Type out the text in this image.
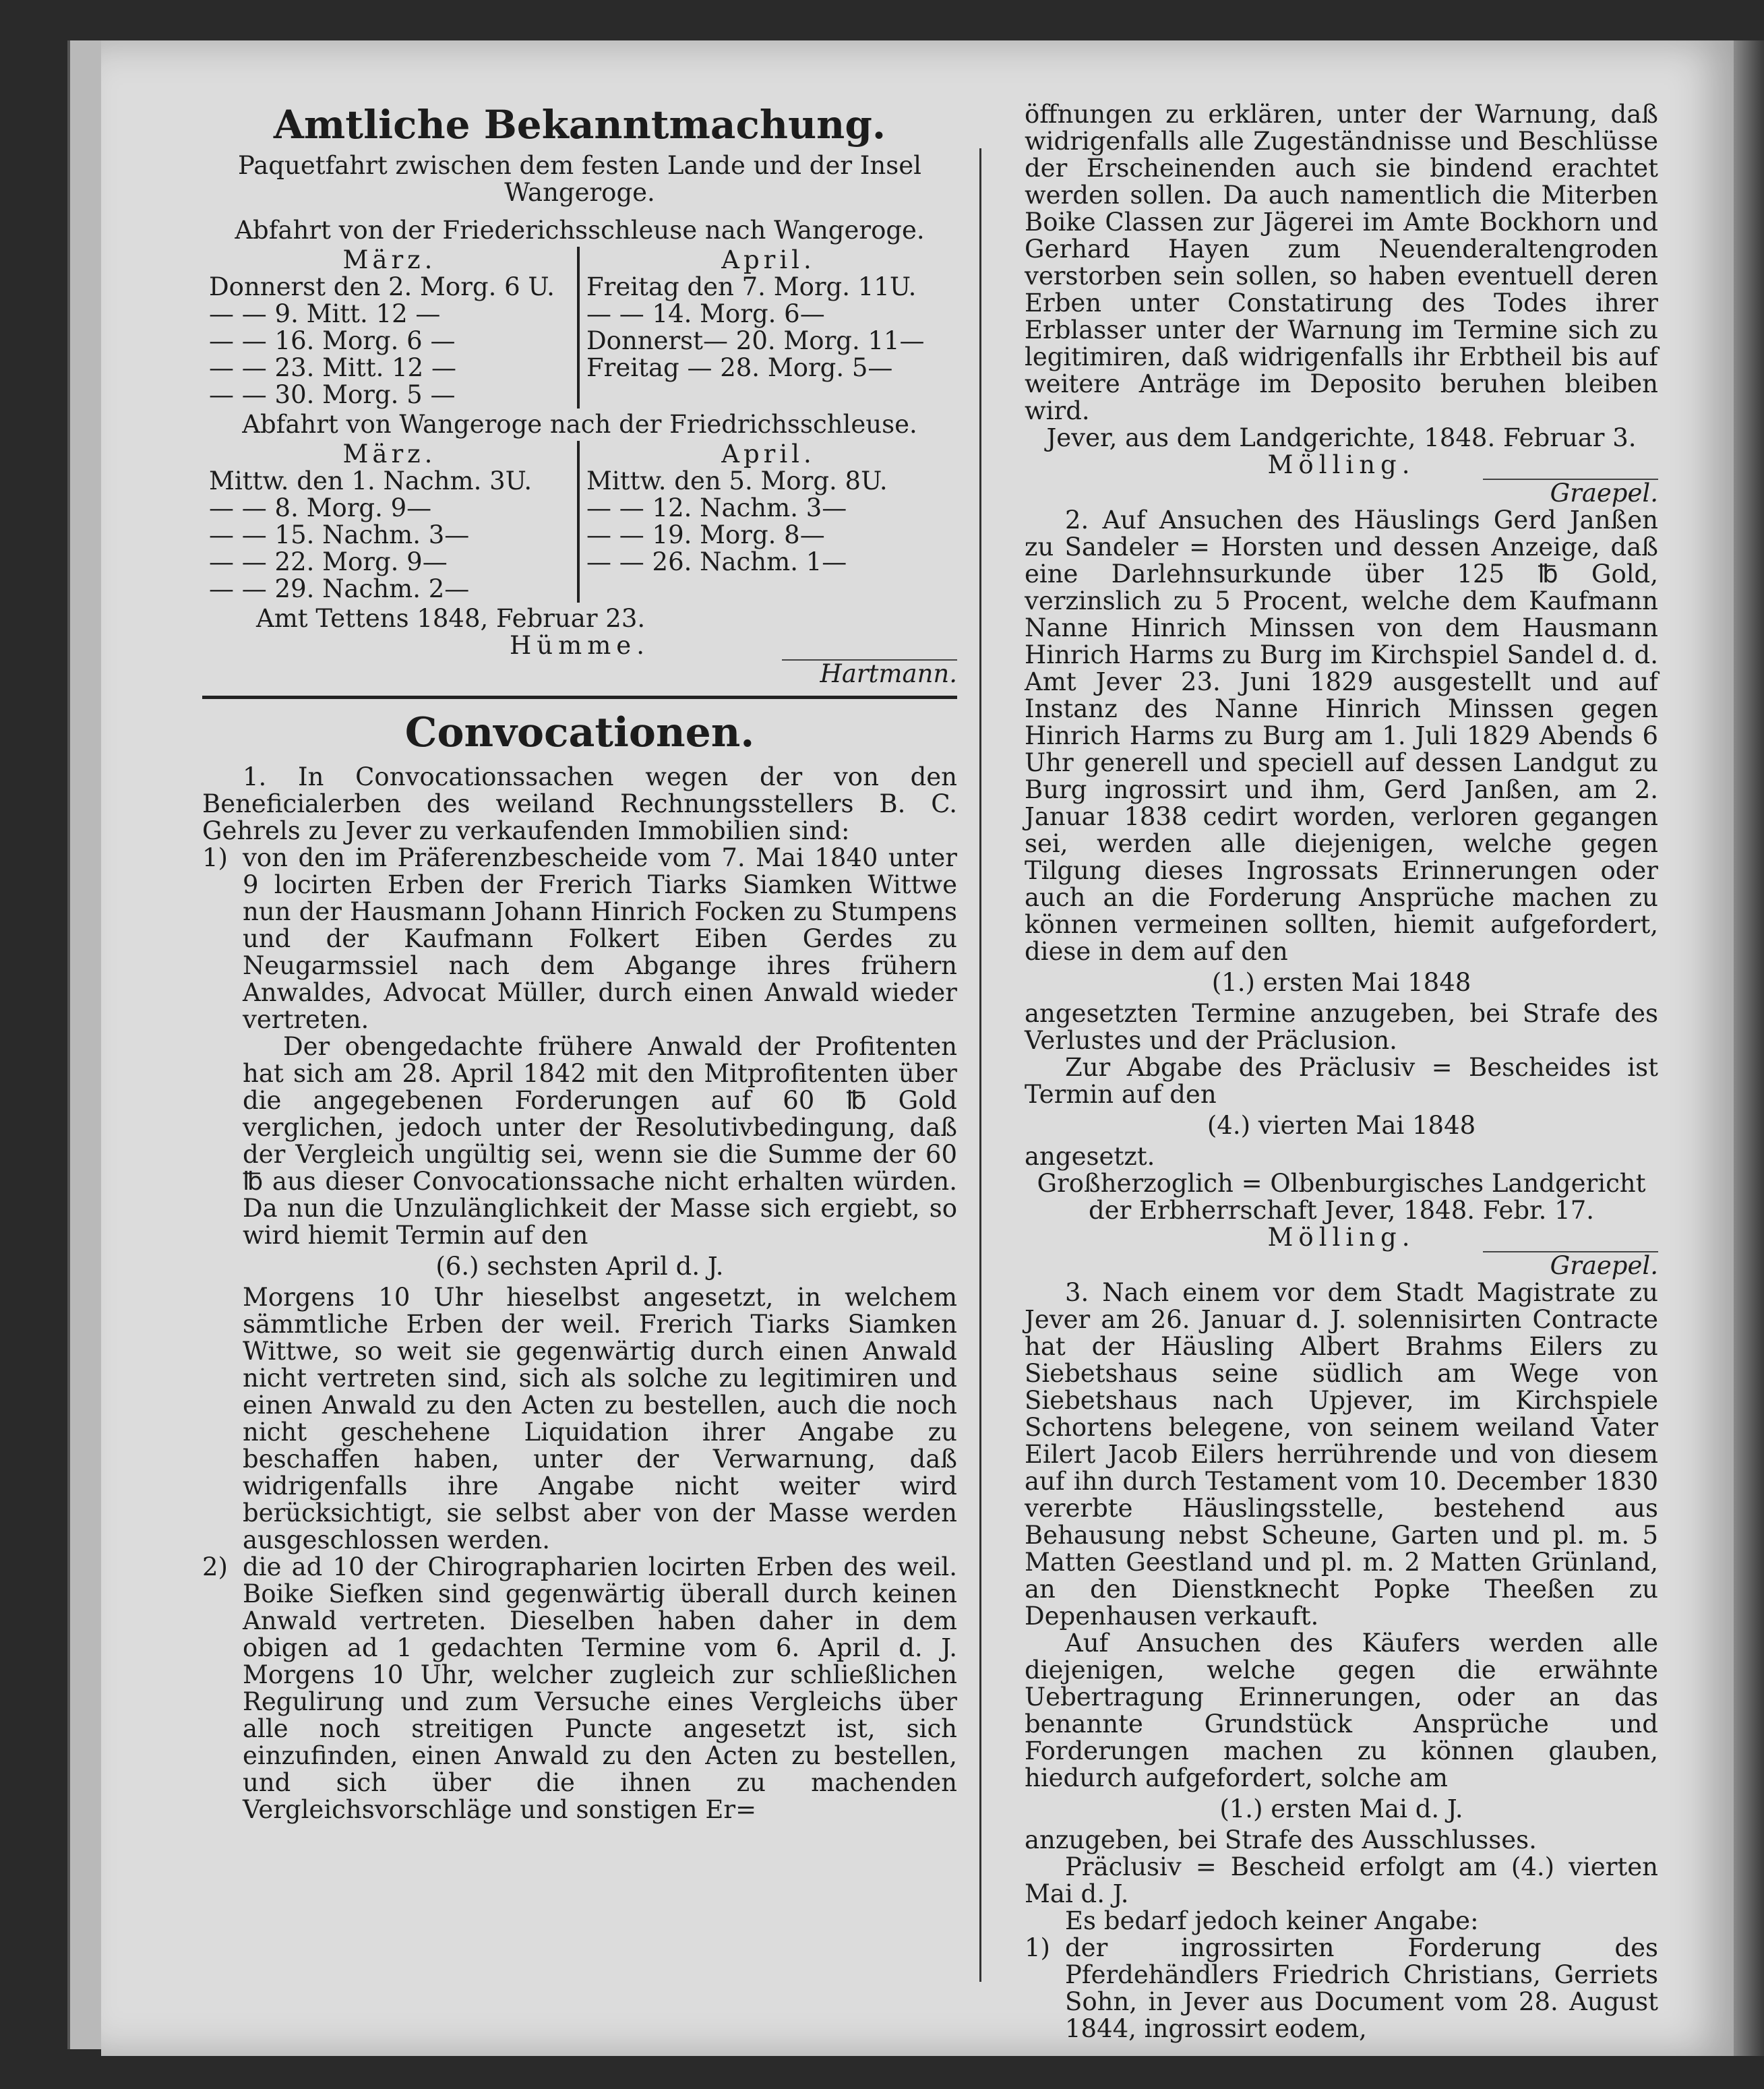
Amtliche Bekanntmachung.
Paquetfahrt zwischen dem festen Lande und der Insel Wangeroge.
Abfahrt von der Friederichsschleuse nach Wangeroge.
März.
Donnerst den 2. Morg. 6 U.
— — 9. Mitt. 12 —
— — 16. Morg. 6 —
— — 23. Mitt. 12 —
— — 30. Morg. 5 —
April.
Freitag den 7. Morg. 11U.
— — 14. Morg. 6—
Donnerst— 20. Morg. 11—
Freitag — 28. Morg. 5—
Abfahrt von Wangeroge nach der Friedrichsschleuse.
März.
Mittw. den 1. Nachm. 3U.
— — 8. Morg. 9—
— — 15. Nachm. 3—
— — 22. Morg. 9—
— — 29. Nachm. 2—
April.
Mittw. den 5. Morg. 8U.
— — 12. Nachm. 3—
— — 19. Morg. 8—
— — 26. Nachm. 1—
Amt Tettens 1848, Februar 23.
Hümme.
Hartmann.
Convocationen.
1. In Convocationssachen wegen der von den Beneficialerben des weiland Rechnungsstellers B. C. Gehrels zu Jever zu verkaufenden Immobilien sind:
1) von den im Präferenzbescheide vom 7. Mai 1840 unter 9 locirten Erben der Frerich Tiarks Siamken Wittwe nun der Hausmann Johann Hinrich Focken zu Stumpens und der Kaufmann Folkert Eiben Gerdes zu Neugarmssiel nach dem Abgange ihres frühern Anwaldes, Advocat Müller, durch einen Anwald wieder vertreten.
Der obengedachte frühere Anwald der Profitenten hat sich am 28. April 1842 mit den Mitprofitenten über die angegebenen Forderungen auf 60 ℔ Gold verglichen, jedoch unter der Resolutivbedingung, daß der Vergleich ungültig sei, wenn sie die Summe der 60 ℔ aus dieser Convocationssache nicht erhalten würden. Da nun die Unzulänglichkeit der Masse sich ergiebt, so wird hiemit Termin auf den
(6.) sechsten April d. J.
Morgens 10 Uhr hieselbst angesetzt, in welchem sämmtliche Erben der weil. Frerich Tiarks Siamken Wittwe, so weit sie gegenwärtig durch einen Anwald nicht vertreten sind, sich als solche zu legitimiren und einen Anwald zu den Acten zu bestellen, auch die noch nicht geschehene Liquidation ihrer Angabe zu beschaffen haben, unter der Verwarnung, daß widrigenfalls ihre Angabe nicht weiter wird berücksichtigt, sie selbst aber von der Masse werden ausgeschlossen werden.
2) die ad 10 der Chirographarien locirten Erben des weil. Boike Siefken sind gegenwärtig überall durch keinen Anwald vertreten. Dieselben haben daher in dem obigen ad 1 gedachten Termine vom 6. April d. J. Morgens 10 Uhr, welcher zugleich zur schließlichen Regulirung und zum Versuche eines Vergleichs über alle noch streitigen Puncte angesetzt ist, sich einzufinden, einen Anwald zu den Acten zu bestellen, und sich über die ihnen zu machenden Vergleichsvorschläge und sonstigen Er=
öffnungen zu erklären, unter der Warnung, daß widrigenfalls alle Zugeständnisse und Beschlüsse der Erscheinenden auch sie bindend erachtet werden sollen. Da auch namentlich die Miterben Boike Classen zur Jägerei im Amte Bockhorn und Gerhard Hayen zum Neuenderaltengroden verstorben sein sollen, so haben eventuell deren Erben unter Constatirung des Todes ihrer Erblasser unter der Warnung im Termine sich zu legitimiren, daß widrigenfalls ihr Erbtheil bis auf weitere Anträge im Deposito beruhen bleiben wird.
Jever, aus dem Landgerichte, 1848. Februar 3.
Mölling.
Graepel.
2. Auf Ansuchen des Häuslings Gerd Janßen zu Sandeler = Horsten und dessen Anzeige, daß eine Darlehnsurkunde über 125 ℔ Gold, verzinslich zu 5 Procent, welche dem Kaufmann Nanne Hinrich Minssen von dem Hausmann Hinrich Harms zu Burg im Kirchspiel Sandel d. d. Amt Jever 23. Juni 1829 ausgestellt und auf Instanz des Nanne Hinrich Minssen gegen Hinrich Harms zu Burg am 1. Juli 1829 Abends 6 Uhr generell und speciell auf dessen Landgut zu Burg ingrossirt und ihm, Gerd Janßen, am 2. Januar 1838 cedirt worden, verloren gegangen sei, werden alle diejenigen, welche gegen Tilgung dieses Ingrossats Erinnerungen oder auch an die Forderung Ansprüche machen zu können vermeinen sollten, hiemit aufgefordert, diese in dem auf den
(1.) ersten Mai 1848
angesetzten Termine anzugeben, bei Strafe des Verlustes und der Präclusion.
Zur Abgabe des Präclusiv = Bescheides ist Termin auf den
(4.) vierten Mai 1848
angesetzt.
Großherzoglich = Olbenburgisches Landgericht der Erbherrschaft Jever, 1848. Febr. 17.
Mölling.
Graepel.
3. Nach einem vor dem Stadt Magistrate zu Jever am 26. Januar d. J. solennisirten Contracte hat der Häusling Albert Brahms Eilers zu Siebetshaus seine südlich am Wege von Siebetshaus nach Upjever, im Kirchspiele Schortens belegene, von seinem weiland Vater Eilert Jacob Eilers herrührende und von diesem auf ihn durch Testament vom 10. December 1830 vererbte Häuslingsstelle, bestehend aus Behausung nebst Scheune, Garten und pl. m. 5 Matten Geestland und pl. m. 2 Matten Grünland, an den Dienstknecht Popke Theeßen zu Depenhausen verkauft.
Auf Ansuchen des Käufers werden alle diejenigen, welche gegen die erwähnte Uebertragung Erinnerungen, oder an das benannte Grundstück Ansprüche und Forderungen machen zu können glauben, hiedurch aufgefordert, solche am
(1.) ersten Mai d. J.
anzugeben, bei Strafe des Ausschlusses.
Präclusiv = Bescheid erfolgt am (4.) vierten Mai d. J.
Es bedarf jedoch keiner Angabe:
1) der ingrossirten Forderung des Pferdehändlers Friedrich Christians, Gerriets Sohn, in Jever aus Document vom 28. August 1844, ingrossirt eodem,
